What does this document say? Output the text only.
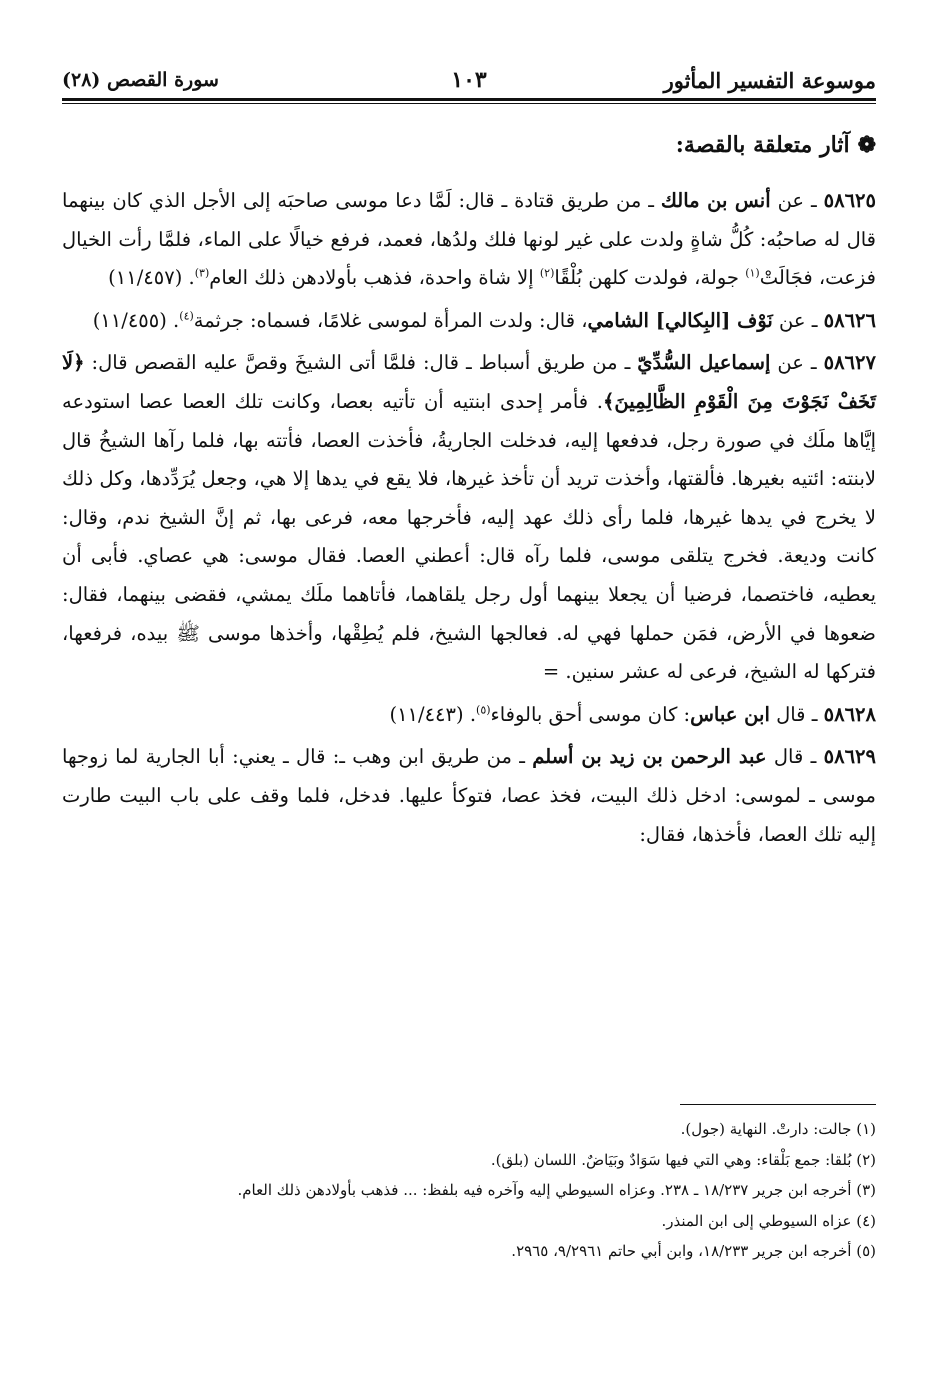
موسوعة التفسير المأثور
١٠٣
سورة القصص (٢٨)
❁
آثار متعلقة بالقصة:

٥٨٦٢٥ ـ عن أنس بن مالك ـ من طريق قتادة ـ قال: لَمَّا دعا موسى صاحبَه إلى الأجل الذي كان بينهما قال له صاحبُه: كُلُّ شاةٍ ولدت على غير لونها فلك ولدُها، فعمد، فرفع خيالًا على الماء، فلمَّا رأت الخيال فزعت، فجَالَتْ$^{(١)}$ جولة، فولدت كلهن بُلْقًا$^{(٢)}$ إلا شاة واحدة، فذهب بأولادهن ذلك العام$^{(٣)}$. (١١/٤٥٧)

٥٨٦٢٦ ـ عن نَوْف [البِكالي] الشامي، قال: ولدت المرأة لموسى غلامًا، فسماه: جرثمة$^{(٤)}$. (١١/٤٥٥)

٥٨٦٢٧ ـ عن إسماعيل السُّدِّيّ ـ من طريق أسباط ـ قال: فلمَّا أتى الشيخَ وقصَّ عليه القصص قال: ﴿لَا تَخَفْ نَجَوْتَ مِنَ الْقَوْمِ الظَّالِمِينَ﴾. فأمر إحدى ابنتيه أن تأتيه بعصا، وكانت تلك العصا عصا استودعه إيَّاها ملَك في صورة رجل، فدفعها إليه، فدخلت الجاريةُ، فأخذت العصا، فأتته بها، فلما رآها الشيخُ قال لابنته: ائتيه بغيرها. فألقتها، وأخذت تريد أن تأخذ غيرها، فلا يقع في يدها إلا هي، وجعل يُرَدِّدها، وكل ذلك لا يخرج في يدها غيرها، فلما رأى ذلك عهد إليه، فأخرجها معه، فرعى بها، ثم إنَّ الشيخ ندم، وقال: كانت وديعة. فخرج يتلقى موسى، فلما رآه قال: أعطني العصا. فقال موسى: هي عصاي. فأبى أن يعطيه، فاختصما، فرضيا أن يجعلا بينهما أول رجل يلقاهما، فأتاهما ملَك يمشي، فقضى بينهما، فقال: ضعوها في الأرض، فمَن حملها فهي له. فعالجها الشيخ، فلم يُطِقْها، وأخذها موسى ﷺ بيده، فرفعها، فتركها له الشيخ، فرعى له عشر سنين. =

٥٨٦٢٨ ـ قال ابن عباس: كان موسى أحق بالوفاء$^{(٥)}$. (١١/٤٤٣)

٥٨٦٢٩ ـ قال عبد الرحمن بن زيد بن أسلم ـ من طريق ابن وهب ـ: قال ـ يعني: أبا الجارية لما زوجها موسى ـ لموسى: ادخل ذلك البيت، فخذ عصا، فتوكأ عليها. فدخل، فلما وقف على باب البيت طارت إليه تلك العصا، فأخذها، فقال:

(١) جالت: دارتْ. النهاية (جول).

(٢) بُلقا: جمع بَلْقاء: وهي التي فيها سَوَادٌ وبَيَاضٌ. اللسان (بلق).

(٣) أخرجه ابن جرير ١٨/٢٣٧ ـ ٢٣٨. وعزاه السيوطي إليه وآخره فيه بلفظ: ... فذهب بأولادهن ذلك العام.

(٤) عزاه السيوطي إلى ابن المنذر.

(٥) أخرجه ابن جرير ١٨/٢٣٣، وابن أبي حاتم ٩/٢٩٦١، ٢٩٦٥.
